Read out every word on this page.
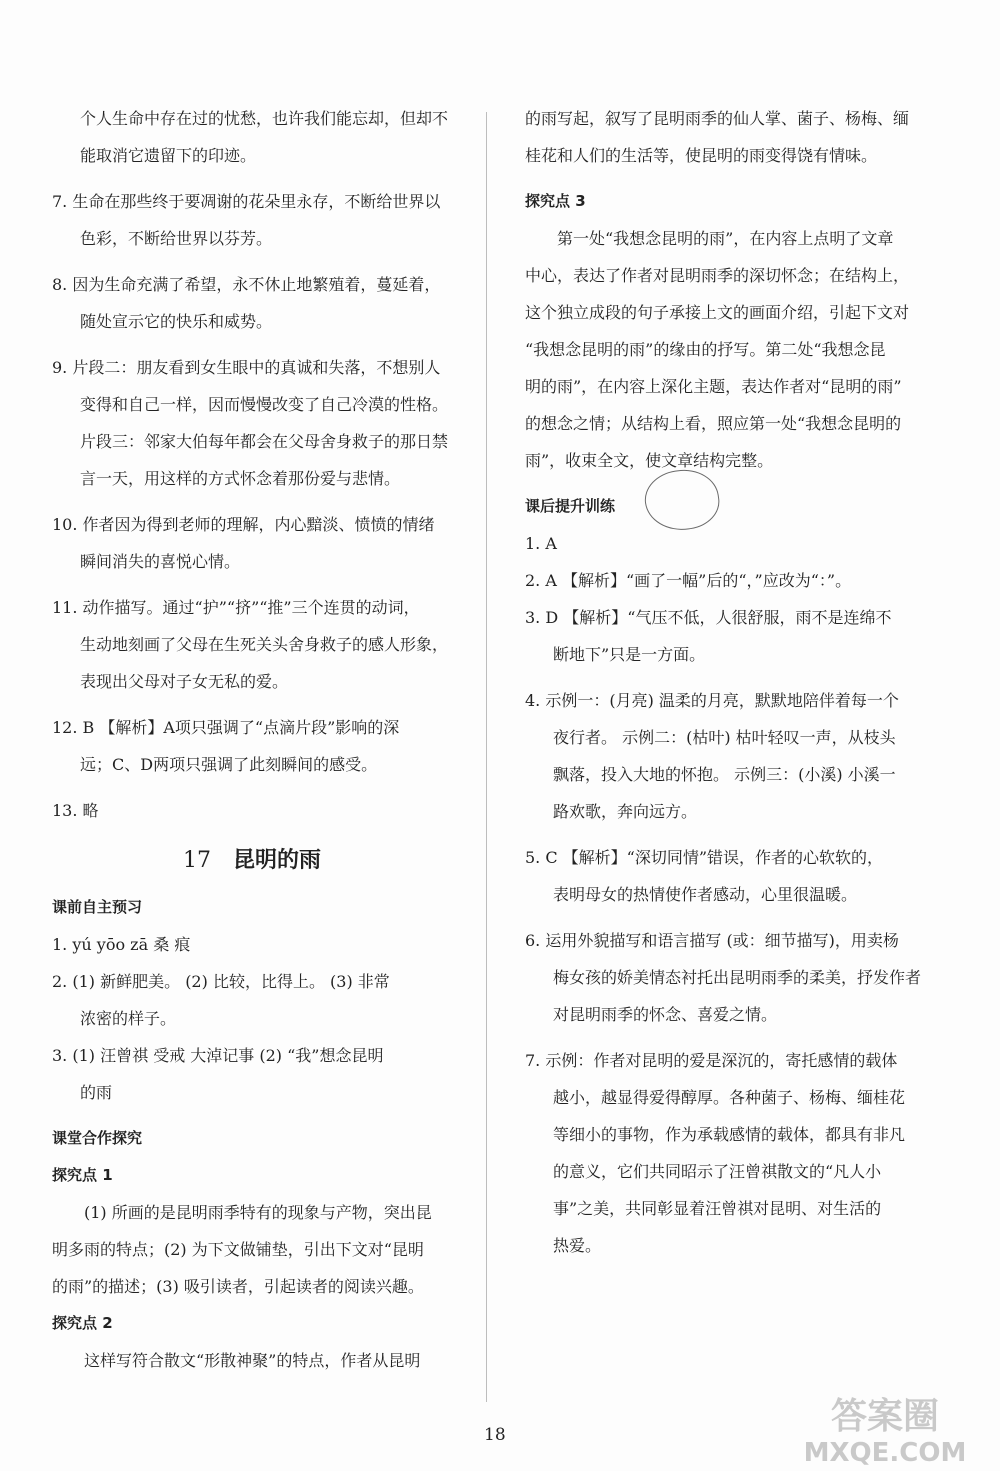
个人生命中存在过的忧愁，也许我们能忘却，但却不
能取消它遗留下的印迹。
7. 生命在那些终于要凋谢的花朵里永存，不断给世界以
色彩，不断给世界以芬芳。
8. 因为生命充满了希望，永不休止地繁殖着，蔓延着，
随处宣示它的快乐和威势。
9. 片段二：朋友看到女生眼中的真诚和失落，不想别人
变得和自己一样，因而慢慢改变了自己冷漠的性格。
片段三：邻家大伯每年都会在父母舍身救子的那日禁
言一天，用这样的方式怀念着那份爱与悲情。
10. 作者因为得到老师的理解，内心黯淡、愤愤的情绪
瞬间消失的喜悦心情。
11. 动作描写。通过“护”“挤”“推”三个连贯的动词，
生动地刻画了父母在生死关头舍身救子的感人形象，
表现出父母对子女无私的爱。
12. B 【解析】A项只强调了“点滴片段”影响的深
远；C、D两项只强调了此刻瞬间的感受。
13. 略
17 昆明的雨
课前自主预习
1. yú yōo zā 桑 痕
2. (1) 新鲜肥美。 (2) 比较，比得上。 (3) 非常
浓密的样子。
3. (1) 汪曾祺 受戒 大淖记事 (2) “我”想念昆明
的雨
课堂合作探究
探究点 1
(1) 所画的是昆明雨季特有的现象与产物，突出昆
明多雨的特点；(2) 为下文做铺垫，引出下文对“昆明
的雨”的描述；(3) 吸引读者，引起读者的阅读兴趣。
探究点 2
这样写符合散文“形散神聚”的特点，作者从昆明
的雨写起，叙写了昆明雨季的仙人掌、菌子、杨梅、缅
桂花和人们的生活等，使昆明的雨变得饶有情味。
探究点 3
第一处“我想念昆明的雨”，在内容上点明了文章
中心，表达了作者对昆明雨季的深切怀念；在结构上，
这个独立成段的句子承接上文的画面介绍，引起下文对
“我想念昆明的雨”的缘由的抒写。第二处“我想念昆
明的雨”，在内容上深化主题，表达作者对“昆明的雨”
的想念之情；从结构上看，照应第一处“我想念昆明的
雨”，收束全文，使文章结构完整。
课后提升训练
1. A
2. A 【解析】“画了一幅”后的“，”应改为“：”。
3. D 【解析】“气压不低，人很舒服，雨不是连绵不
断地下”只是一方面。
4. 示例一：(月亮) 温柔的月亮，默默地陪伴着每一个
夜行者。 示例二：(枯叶) 枯叶轻叹一声，从枝头
飘落，投入大地的怀抱。 示例三：(小溪) 小溪一
路欢歌，奔向远方。
5. C 【解析】“深切同情”错误，作者的心软软的，
表明母女的热情使作者感动，心里很温暖。
6. 运用外貌描写和语言描写 (或：细节描写)，用卖杨
梅女孩的娇美情态衬托出昆明雨季的柔美，抒发作者
对昆明雨季的怀念、喜爱之情。
7. 示例：作者对昆明的爱是深沉的，寄托感情的载体
越小，越显得爱得醇厚。各种菌子、杨梅、缅桂花
等细小的事物，作为承载感情的载体，都具有非凡
的意义，它们共同昭示了汪曾祺散文的“凡人小
事”之美，共同彰显着汪曾祺对昆明、对生活的
热爱。
18	答案圈
MXQE.COM
